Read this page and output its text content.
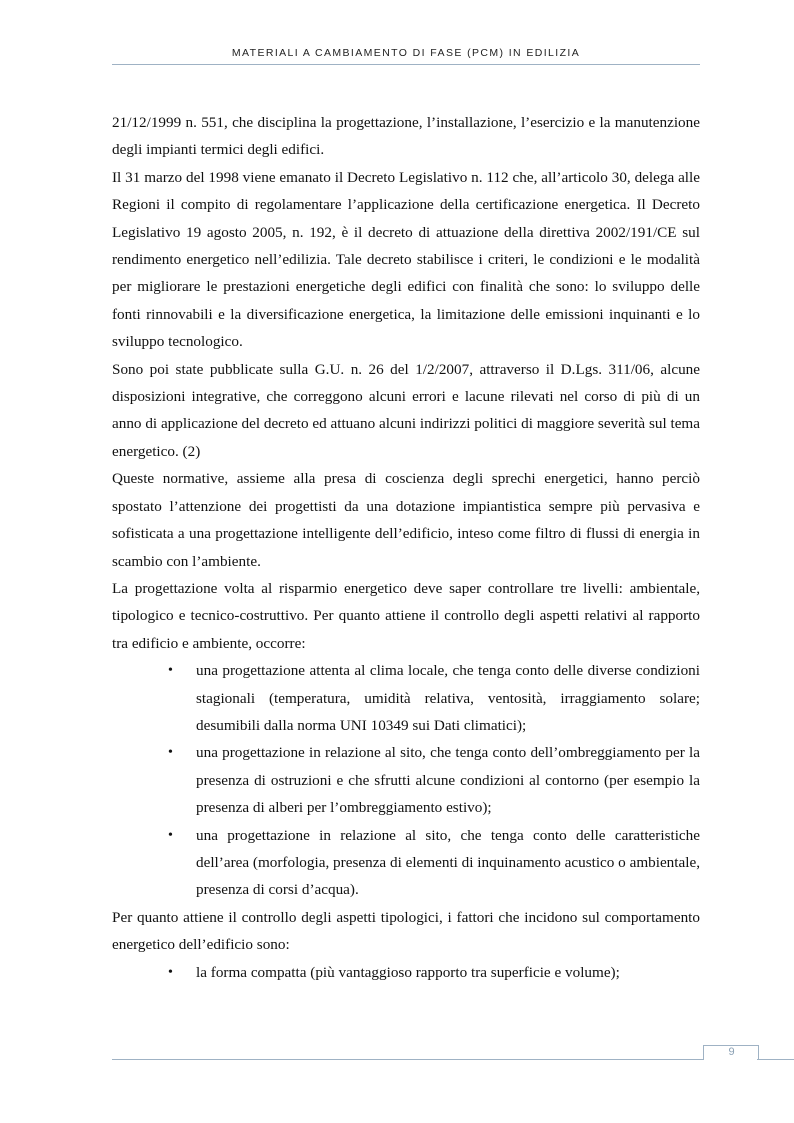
MATERIALI A CAMBIAMENTO DI FASE (PCM) IN EDILIZIA

21/12/1999 n. 551, che disciplina la progettazione, l’installazione, l’esercizio e la manutenzione degli impianti termici degli edifici.

Il 31 marzo del 1998 viene emanato il Decreto Legislativo n. 112 che, all’articolo 30, delega alle Regioni il compito di regolamentare l’applicazione della certificazione energetica. Il Decreto Legislativo 19 agosto 2005, n. 192, è il decreto di attuazione della direttiva 2002/191/CE sul rendimento energetico nell’edilizia. Tale decreto stabilisce i criteri, le condizioni e le modalità per migliorare le prestazioni energetiche degli edifici con finalità che sono: lo sviluppo delle fonti rinnovabili e la diversificazione energetica, la limitazione delle emissioni inquinanti e lo sviluppo tecnologico.

Sono poi state pubblicate sulla G.U. n. 26 del 1/2/2007, attraverso il D.Lgs. 311/06, alcune disposizioni integrative, che correggono alcuni errori e lacune rilevati nel corso di più di un anno di applicazione del decreto ed attuano alcuni indirizzi politici di maggiore severità sul tema energetico. (2)

Queste normative, assieme alla presa di coscienza degli sprechi energetici, hanno perciò spostato l’attenzione dei progettisti da una dotazione impiantistica sempre più pervasiva e sofisticata a una progettazione intelligente dell’edificio, inteso come filtro di flussi di energia in scambio con l’ambiente.

La progettazione volta al risparmio energetico deve saper controllare tre livelli: ambientale, tipologico e tecnico-costruttivo. Per quanto attiene il controllo degli aspetti relativi al rapporto tra edificio e ambiente, occorre:

• una progettazione attenta al clima locale, che tenga conto delle diverse condizioni stagionali (temperatura, umidità relativa, ventosità, irraggiamento solare; desumibili dalla norma UNI 10349 sui Dati climatici);
• una progettazione in relazione al sito, che tenga conto dell’ombreggiamento per la presenza di ostruzioni e che sfrutti alcune condizioni al contorno (per esempio la presenza di alberi per l’ombreggiamento estivo);
• una progettazione in relazione al sito, che tenga conto delle caratteristiche dell’area (morfologia, presenza di elementi di inquinamento acustico o ambientale, presenza di corsi d’acqua).

Per quanto attiene il controllo degli aspetti tipologici, i fattori che incidono sul comportamento energetico dell’edificio sono:

• la forma compatta (più vantaggioso rapporto tra superficie e volume);
9
